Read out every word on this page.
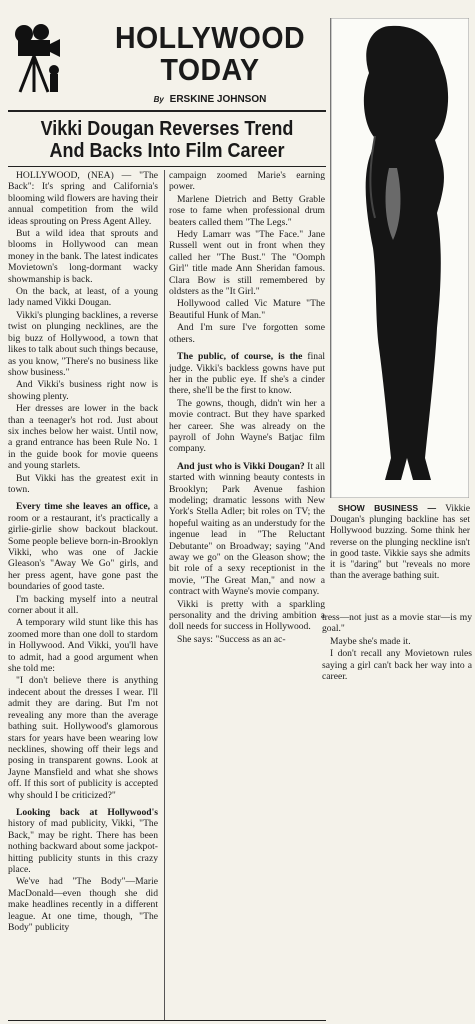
HOLLYWOOD
TODAY
By ERSKINE JOHNSON
Vikki Dougan Reverses Trend
And Backs Into Film Career

HOLLYWOOD, (NEA) — "The Back": It's spring and California's blooming wild flowers are having their annual competition from the wild ideas sprouting on Press Agent Alley.

But a wild idea that sprouts and blooms in Hollywood can mean money in the bank. The latest indicates Movietown's long-dormant wacky showmanship is back.

On the back, at least, of a young lady named Vikki Dougan.

Vikki's plunging backlines, a reverse twist on plunging necklines, are the big buzz of Hollywood, a town that likes to talk about such things because, as you know, "There's no business like show business."

And Vikki's business right now is showing plenty.

Her dresses are lower in the back than a teenager's hot rod. Just about six inches below her waist. Until now, a grand entrance has been Rule No. 1 in the guide book for movie queens and young starlets.

But Vikki has the greatest exit in town.

Every time she leaves an office, a room or a restaurant, it's practically a girlie-girlie show backout blackout. Some people believe born-in-Brooklyn Vikki, who was one of Jackie Gleason's "Away We Go" girls, and her press agent, have gone past the boundaries of good taste.

I'm backing myself into a neutral corner about it all.

A temporary wild stunt like this has zoomed more than one doll to stardom in Hollywood. And Vikki, you'll have to admit, had a good argument when she told me:

"I don't believe there is anything indecent about the dresses I wear. I'll admit they are daring. But I'm not revealing any more than the average bathing suit. Hollywood's glamorous stars for years have been wearing low necklines, showing off their legs and posing in transparent gowns. Look at Jayne Mansfield and what she shows off. If this sort of publicity is accepted why should I be criticized?"

Looking back at Hollywood's history of mad publicity, Vikki, "The Back," may be right. There has been nothing backward about some jackpot-hitting publicity stunts in this crazy place.

We've had "The Body"—Marie MacDonald—even though she did make headlines recently in a different league. At one time, though, "The Body" publicity

campaign zoomed Marie's earning power.

Marlene Dietrich and Betty Grable rose to fame when professional drum beaters called them "The Legs."

Hedy Lamarr was "The Face." Jane Russell went out in front when they called her "The Bust." The "Oomph Girl" title made Ann Sheridan famous. Clara Bow is still remembered by oldsters as the "It Girl."

Hollywood called Vic Mature "The Beautiful Hunk of Man."

And I'm sure I've forgotten some others.

The public, of course, is the final judge. Vikki's backless gowns have put her in the public eye. If she's a cinder there, she'll be the first to know.

The gowns, though, didn't win her a movie contract. But they have sparked her career. She was already on the payroll of John Wayne's Batjac film company.

And just who is Vikki Dougan? It all started with winning beauty contests in Brooklyn; Park Avenue fashion modeling; dramatic lessons with New York's Stella Adler; bit roles on TV; the hopeful waiting as an understudy for the ingenue lead in "The Reluctant Debutante" on Broadway; saying "And away we go" on the Gleason show; the bit role of a sexy receptionist in the movie, "The Great Man," and now a contract with Wayne's movie company.

Vikki is pretty with a sparkling personality and the driving ambition a doll needs for success in Hollywood.

She says: "Success as an ac-

SHOW BUSINESS — Vikkie Dougan's plunging backline has set Hollywood buzzing. Some think her reverse on the plunging neckline isn't in good taste. Vikkie says she admits it is "daring" but "reveals no more than the average bathing suit.

tress—not just as a movie star—is my goal."

Maybe she's made it.

I don't recall any Movietown rules saying a girl can't back her way into a career.
